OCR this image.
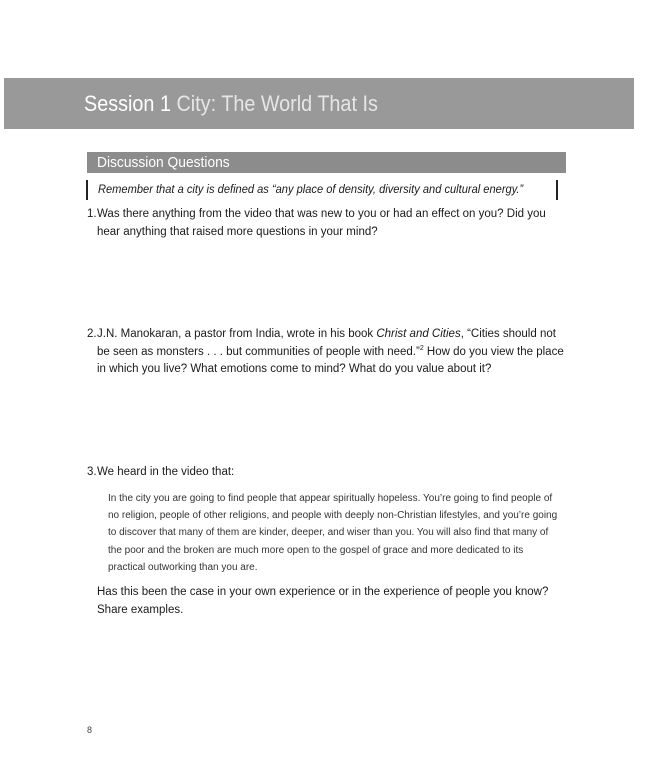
Session 1 City: The World That Is
Discussion Questions
Remember that a city is defined as “any place of density, diversity and cultural energy.”
1. Was there anything from the video that was new to you or had an effect on you? Did you hear anything that raised more questions in your mind?
2. J.N. Manokaran, a pastor from India, wrote in his book Christ and Cities, “Cities should not be seen as monsters . . . but communities of people with need.”$^2$ How do you view the place in which you live? What emotions come to mind? What do you value about it?
3. We heard in the video that:
In the city you are going to find people that appear spiritually hopeless. You’re going to find people of no religion, people of other religions, and people with deeply non-Christian lifestyles, and you’re going to discover that many of them are kinder, deeper, and wiser than you. You will also find that many of the poor and the broken are much more open to the gospel of grace and more dedicated to its practical outworking than you are.
Has this been the case in your own experience or in the experience of people you know? Share examples.
8
